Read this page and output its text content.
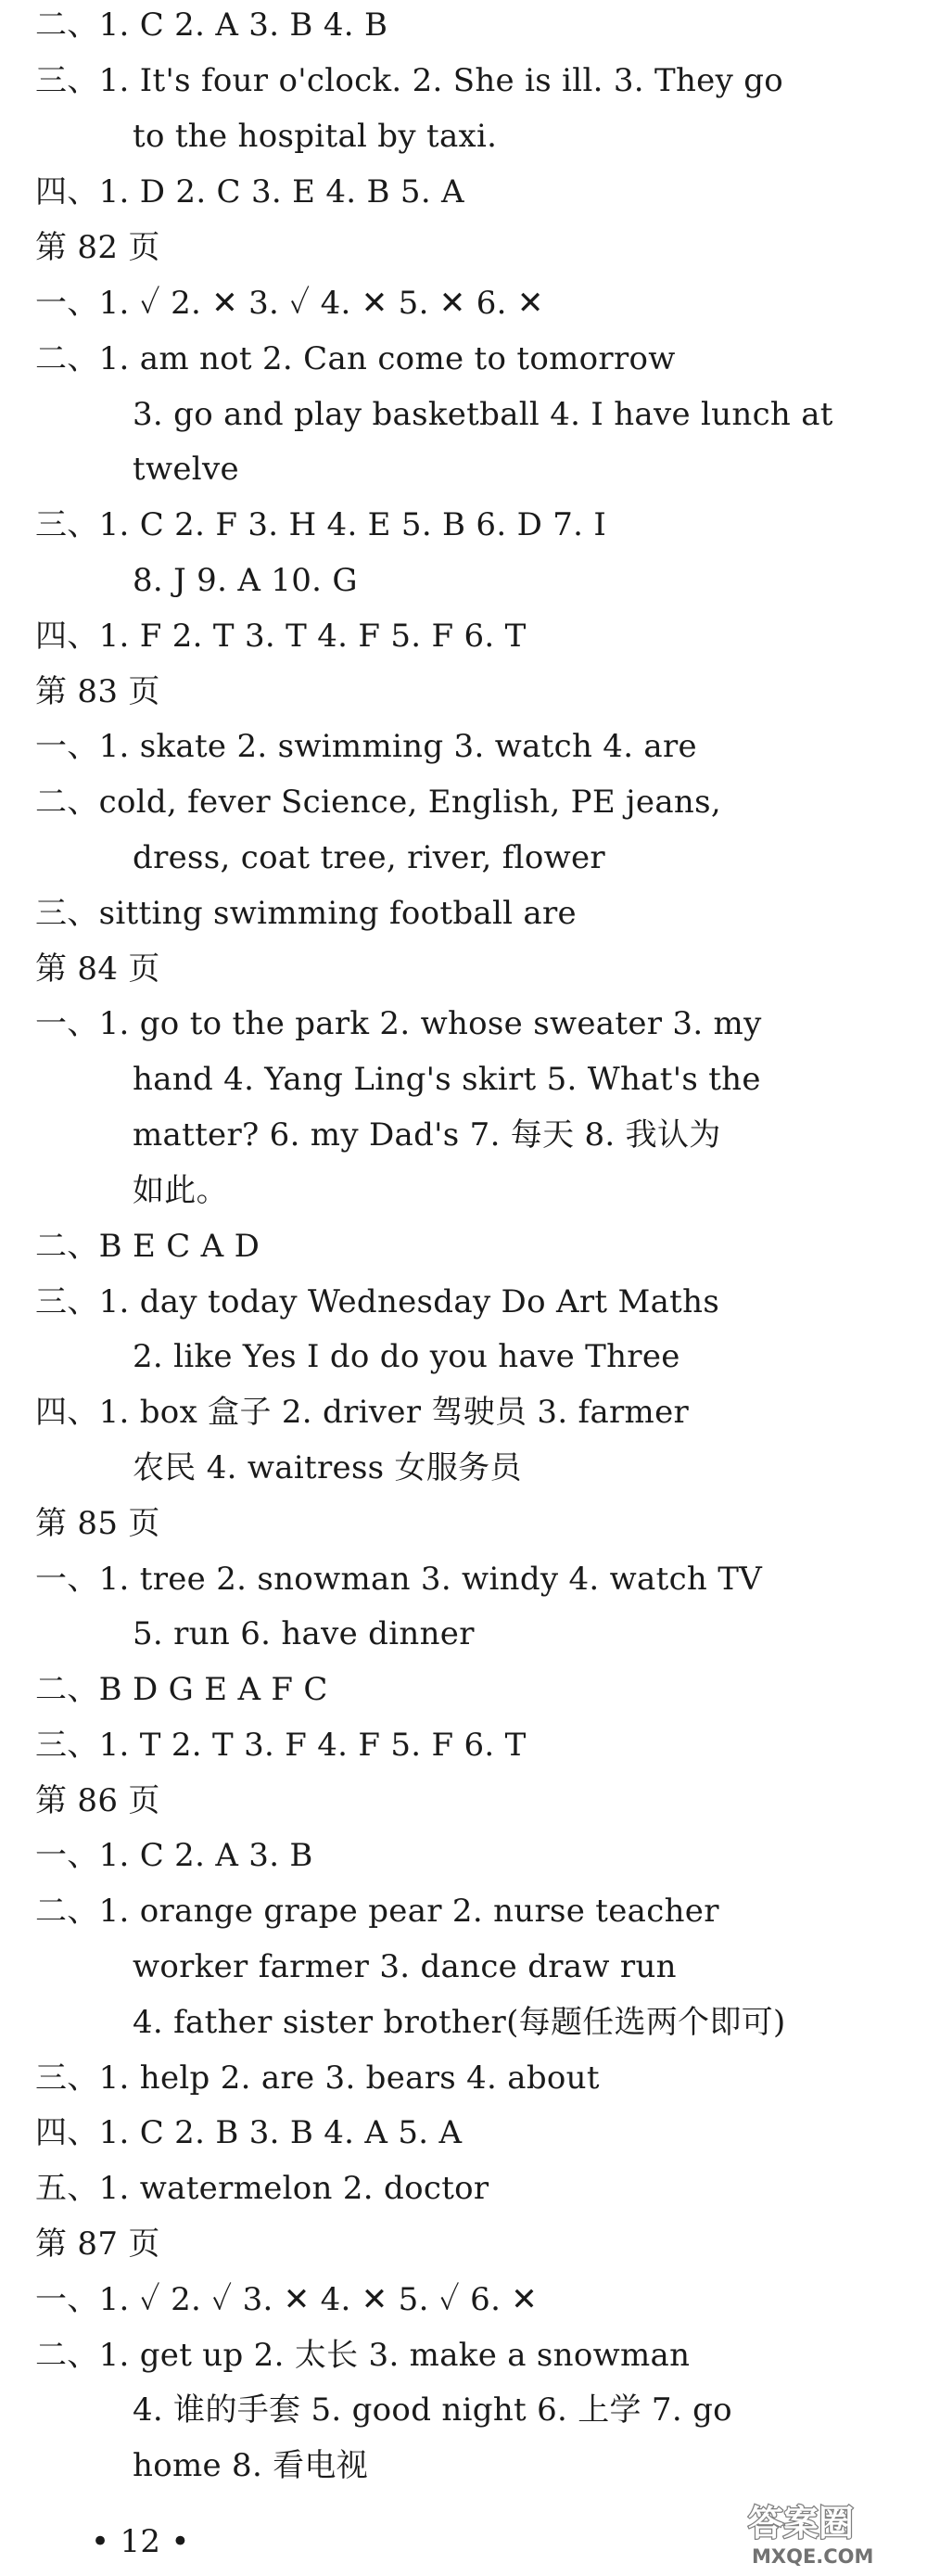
二、1. C 2. A 3. B 4. B
三、1. It's four o'clock. 2. She is ill. 3. They go
to the hospital by taxi.
四、1. D 2. C 3. E 4. B 5. A
第 82 页
一、1. ✓ 2. ✕ 3. ✓ 4. ✕ 5. ✕ 6. ✕
二、1. am not 2. Can come to tomorrow
3. go and play basketball 4. I have lunch at
twelve
三、1. C 2. F 3. H 4. E 5. B 6. D 7. I
8. J 9. A 10. G
四、1. F 2. T 3. T 4. F 5. F 6. T
第 83 页
一、1. skate 2. swimming 3. watch 4. are
二、cold, fever Science, English, PE jeans,
dress, coat tree, river, flower
三、sitting swimming football are
第 84 页
一、1. go to the park 2. whose sweater 3. my
hand 4. Yang Ling's skirt 5. What's the
matter? 6. my Dad's 7. 每天 8. 我认为
如此。
二、B E C A D
三、1. day today Wednesday Do Art Maths
2. like Yes I do do you have Three
四、1. box 盒子 2. driver 驾驶员 3. farmer
农民 4. waitress 女服务员
第 85 页
一、1. tree 2. snowman 3. windy 4. watch TV
5. run 6. have dinner
二、B D G E A F C
三、1. T 2. T 3. F 4. F 5. F 6. T
第 86 页
一、1. C 2. A 3. B
二、1. orange grape pear 2. nurse teacher
worker farmer 3. dance draw run
4. father sister brother(每题任选两个即可)
三、1. help 2. are 3. bears 4. about
四、1. C 2. B 3. B 4. A 5. A
五、1. watermelon 2. doctor
第 87 页
一、1. ✓ 2. ✓ 3. ✕ 4. ✕ 5. ✓ 6. ✕
二、1. get up 2. 太长 3. make a snowman
4. 谁的手套 5. good night 6. 上学 7. go
home 8. 看电视
• 12 •	答案圈
MXQE.COM
